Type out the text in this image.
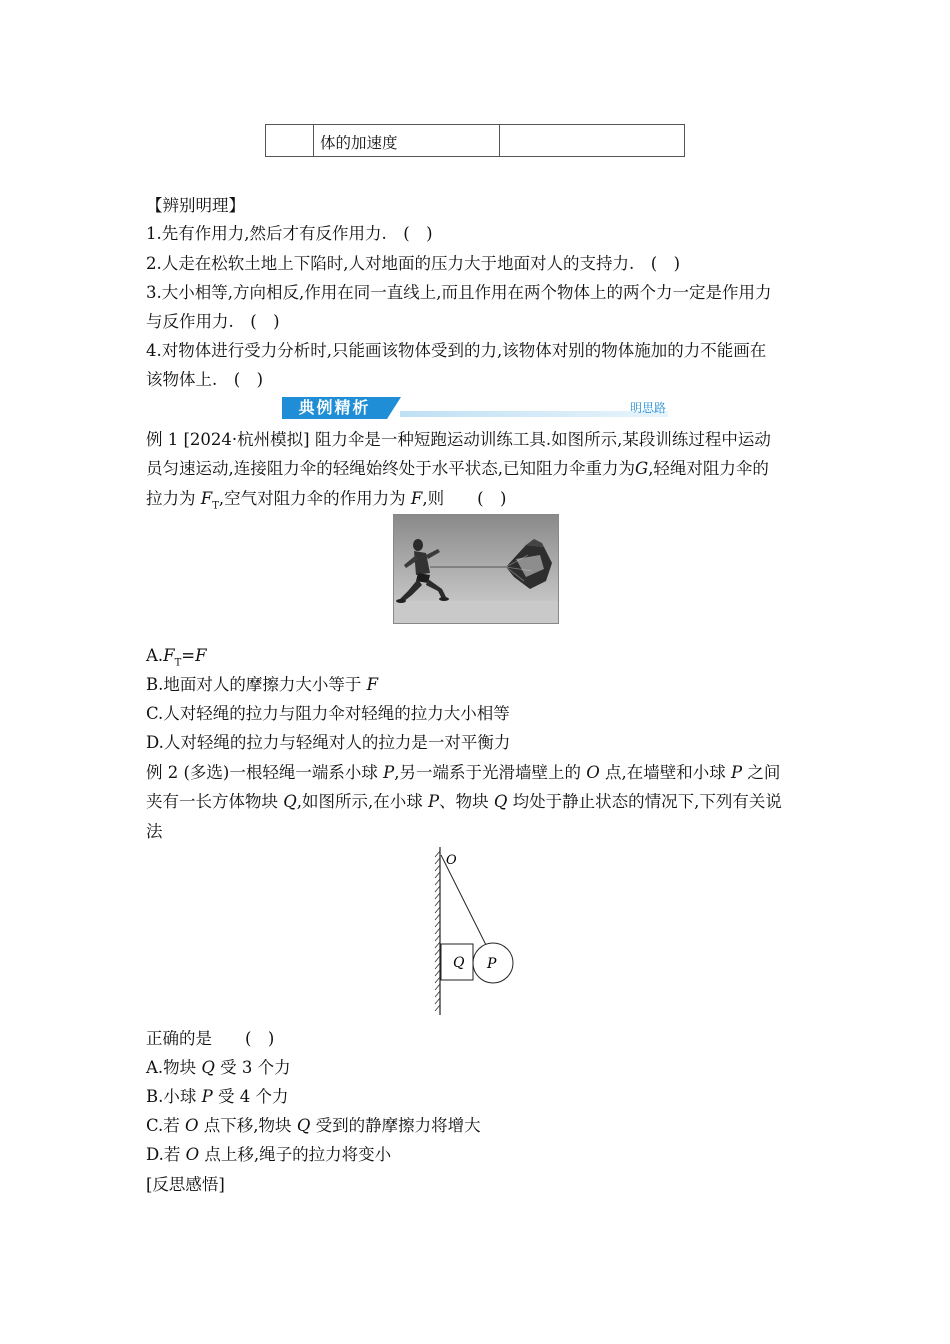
体的加速度
【辨别明理】
1.先有作用力,然后才有反作用力.　(　)
2.人走在松软土地上下陷时,人对地面的压力大于地面对人的支持力.　(　)
3.大小相等,方向相反,作用在同一直线上,而且作用在两个物体上的两个力一定是作用力
与反作用力.　(　)
4.对物体进行受力分析时,只能画该物体受到的力,该物体对别的物体施加的力不能画在
该物体上.　(　)
典例精析	明思路
例 1 [2024·杭州模拟] 阻力伞是一种短跑运动训练工具.如图所示,某段训练过程中运动
员匀速运动,连接阻力伞的轻绳始终处于水平状态,已知阻力伞重力为G,轻绳对阻力伞的
拉力为 $F_T$,空气对阻力伞的作用力为 F,则　　(　)
$A.F_T=F$
B.地面对人的摩擦力大小等于 F
C.人对轻绳的拉力与阻力伞对轻绳的拉力大小相等
D.人对轻绳的拉力与轻绳对人的拉力是一对平衡力
例 2 (多选)一根轻绳一端系小球 P,另一端系于光滑墙壁上的 O 点,在墙壁和小球 P 之间
夹有一长方体物块 Q,如图所示,在小球 P、物块 Q 均处于静止状态的情况下,下列有关说
法
O
Q P
正确的是　　(　)
A.物块 Q 受 3 个力
B.小球 P 受 4 个力
C.若 O 点下移,物块 Q 受到的静摩擦力将增大
D.若 O 点上移,绳子的拉力将变小
[反思感悟]
